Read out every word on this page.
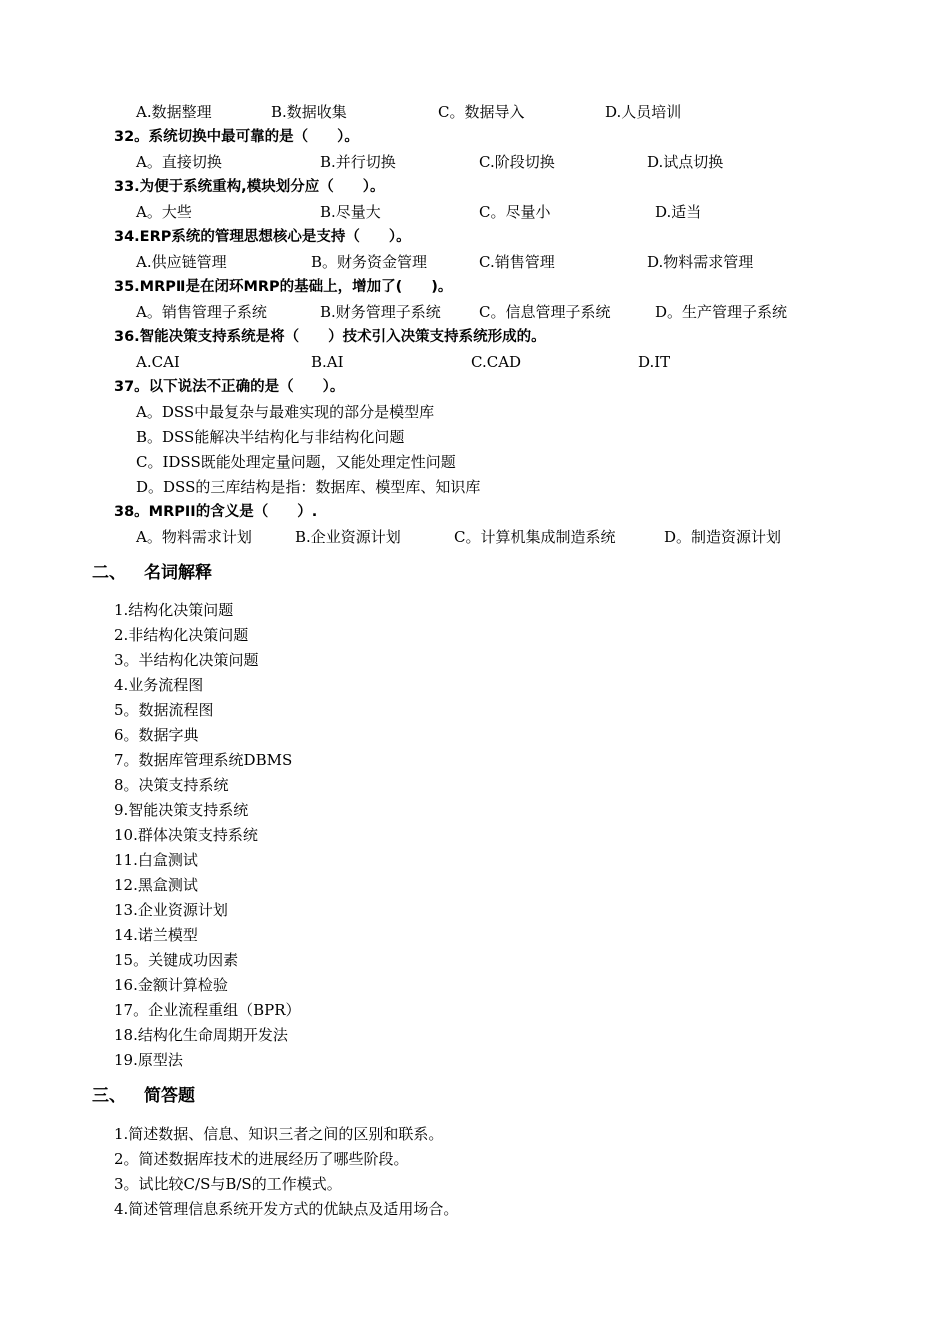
A.数据整理	B.数据收集	C。数据导入	D.人员培训
32。系统切换中最可靠的是（　　）。
A。直接切换	B.并行切换	C.阶段切换	D.试点切换
33.为便于系统重构,模块划分应（　　）。
A。大些	B.尽量大	C。尽量小	D.适当
34.ERP系统的管理思想核心是支持（　　）。
A.供应链管理	B。财务资金管理	C.销售管理	D.物料需求管理
35.MRPⅡ是在闭环MRP的基础上，增加了(　　)。
A。销售管理子系统	B.财务管理子系统	C。信息管理子系统	D。生产管理子系统
36.智能决策支持系统是将（　　）技术引入决策支持系统形成的。
A.CAI	B.AI	C.CAD	D.IT
37。以下说法不正确的是（　　）。
A。DSS中最复杂与最难实现的部分是模型库
B。DSS能解决半结构化与非结构化问题
C。IDSS既能处理定量问题，又能处理定性问题
D。DSS的三库结构是指：数据库、模型库、知识库
38。MRPII的含义是（　　）.
A。物料需求计划	B.企业资源计划	C。计算机集成制造系统	D。制造资源计划
二、 名词解释
1.结构化决策问题
2.非结构化决策问题
3。半结构化决策问题
4.业务流程图
5。数据流程图
6。数据字典
7。数据库管理系统DBMS
8。决策支持系统
9.智能决策支持系统
10.群体决策支持系统
11.白盒测试
12.黑盒测试
13.企业资源计划
14.诺兰模型
15。关键成功因素
16.金额计算检验
17。企业流程重组（BPR）
18.结构化生命周期开发法
19.原型法
三、 简答题
1.简述数据、信息、知识三者之间的区别和联系。
2。简述数据库技术的进展经历了哪些阶段。
3。试比较C/S与B/S的工作模式。
4.简述管理信息系统开发方式的优缺点及适用场合。
